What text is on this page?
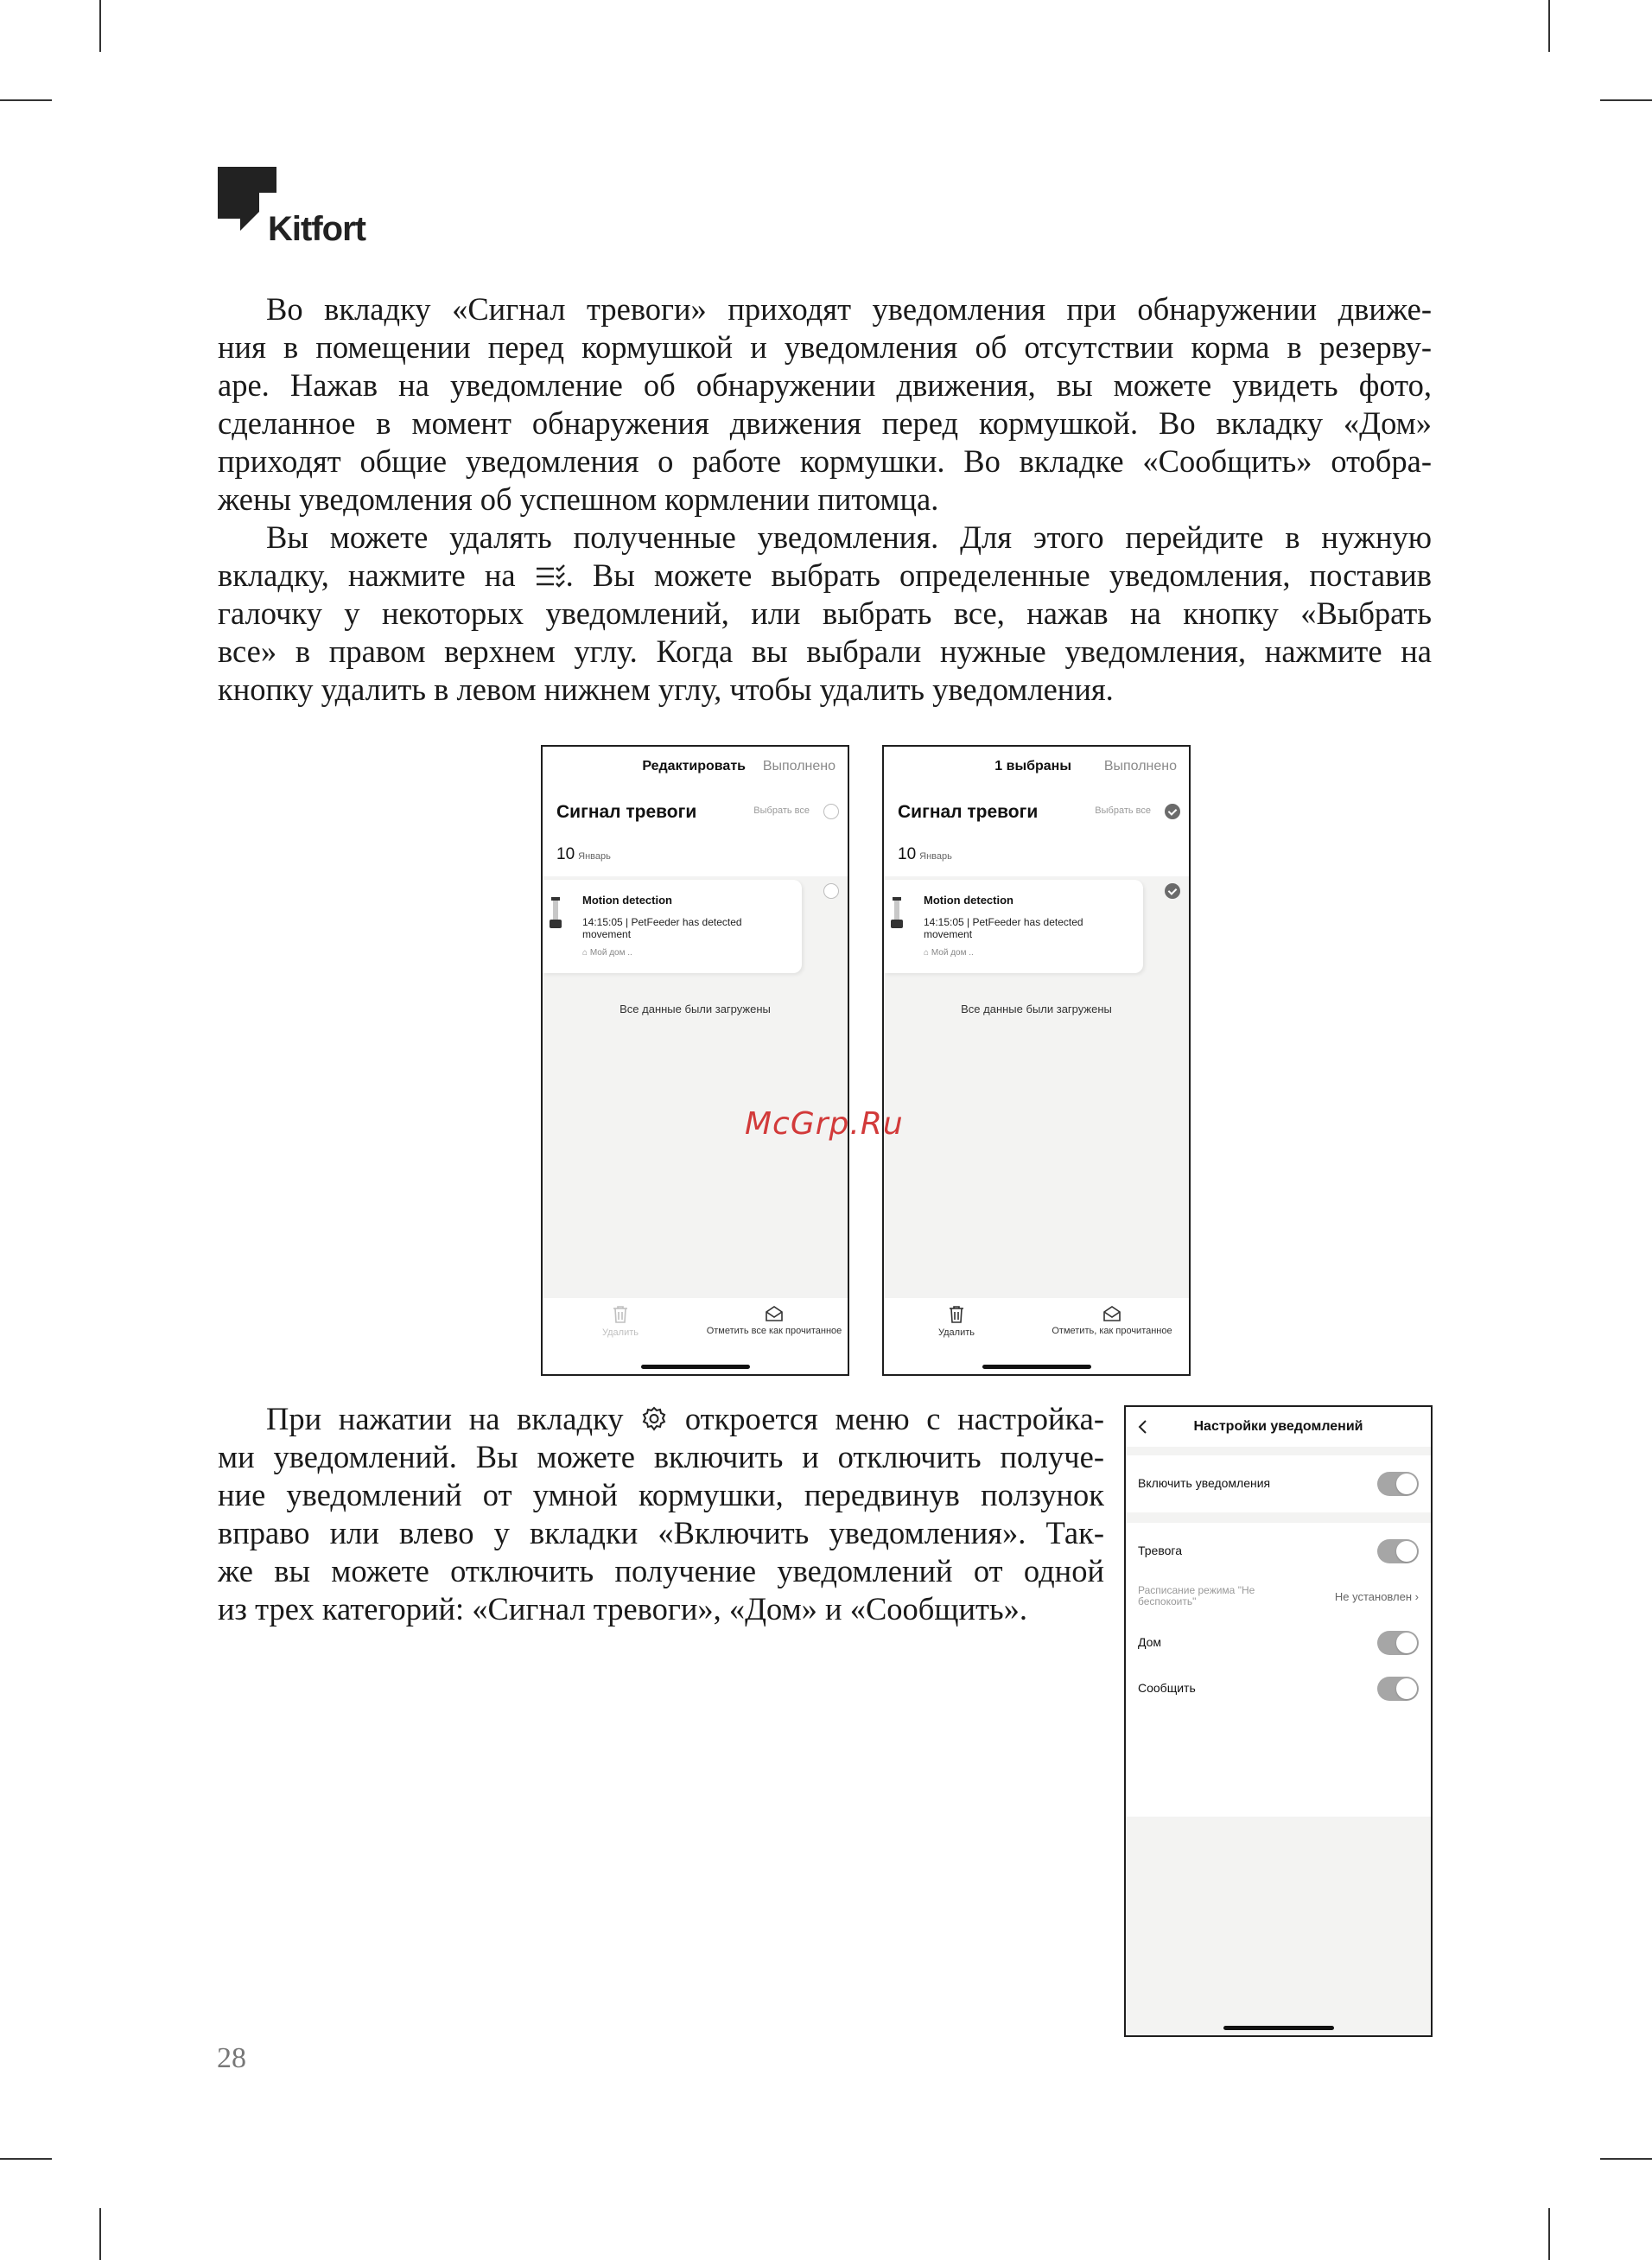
Kitfort

Во вкладку «Сигнал тревоги» приходят уведомления при обнаружении движе-
ния в помещении перед кормушкой и уведомления об отсутствии корма в резерву-
аре. Нажав на уведомление об обнаружении движения, вы можете увидеть фото,
сделанное в момент обнаружения движения перед кормушкой. Во вкладку «Дом»
приходят общие уведомления о работе кормушки. Во вкладке «Сообщить» отобра-
жены уведомления об успешном кормлении питомца.

Вы можете удалять полученные уведомления. Для этого перейдите в нужную
вкладку, нажмите на . Вы можете выбрать определенные уведомления, поставив
галочку у некоторых уведомлений, или выбрать все, нажав на кнопку «Выбрать
все» в правом верхнем углу. Когда вы выбрали нужные уведомления, нажмите на
кнопку удалить в левом нижнем углу, чтобы удалить уведомления.

Редактировать Выполнено
Сигнал тревоги	Выбрать все
10 Январь
Motion detection
14:15:05 | PetFeeder has detected movement
⌂ Мой дом ..
Все данные были загружены
Удалить	Отметить все как прочитанное
1 выбраны Выполнено
Сигнал тревоги	Выбрать все
10 Январь
Motion detection
14:15:05 | PetFeeder has detected movement
⌂ Мой дом ..
Все данные были загружены
Удалить	Отметить, как прочитанное
McGrp.Ru

При нажатии на вкладку откроется меню с настройка-
ми уведомлений. Вы можете включить и отключить получе-
ние уведомлений от умной кормушки, передвинув ползунок
вправо или влево у вкладки «Включить уведомления». Так-
же вы можете отключить получение уведомлений от одной
из трех категорий: «Сигнал тревоги», «Дом» и «Сообщить».

Настройки уведомлений
Включить уведомления
Тревога
Расписание режима "Не беспокоить"	Не установлен ›
Дом
Сообщить
28
